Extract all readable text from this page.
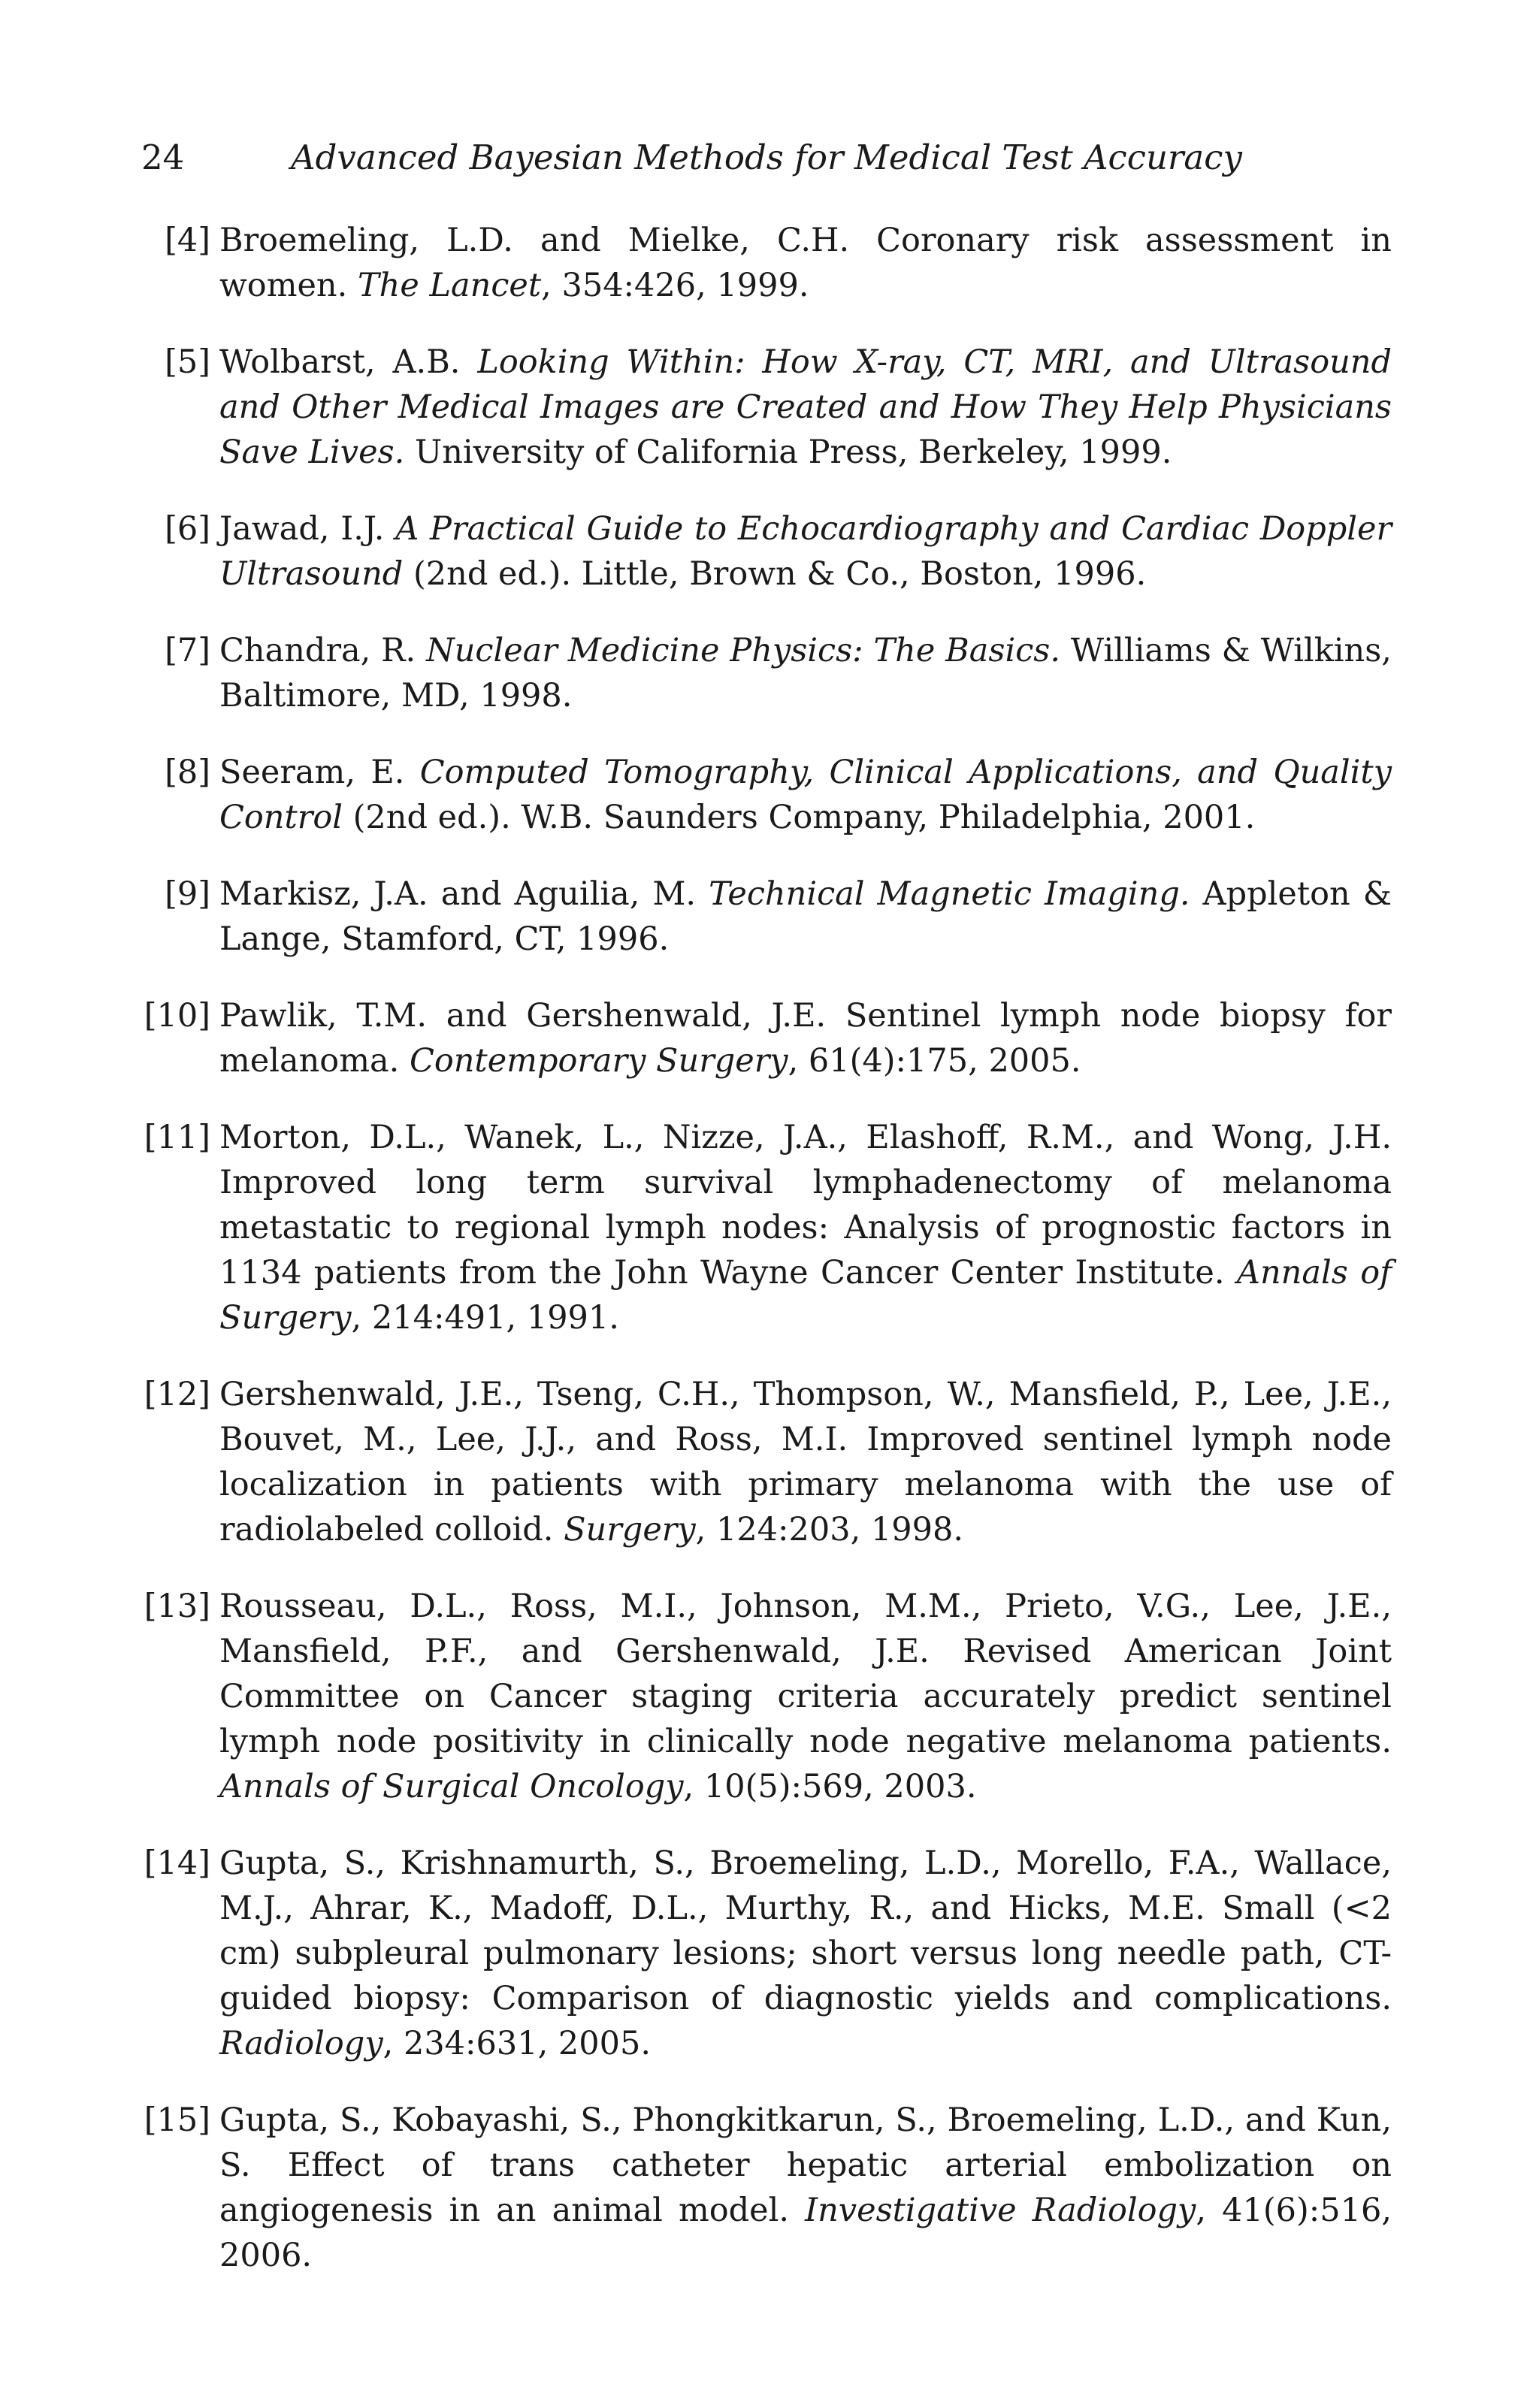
24	Advanced Bayesian Methods for Medical Test Accuracy
[4] Broemeling, L.D. and Mielke, C.H. Coronary risk assessment in women. The Lancet, 354:426, 1999.
[5] Wolbarst, A.B. Looking Within: How X-ray, CT, MRI, and Ultrasound and Other Medical Images are Created and How They Help Physicians Save Lives. University of California Press, Berkeley, 1999.
[6] Jawad, I.J. A Practical Guide to Echocardiography and Cardiac Doppler Ultrasound (2nd ed.). Little, Brown & Co., Boston, 1996.
[7] Chandra, R. Nuclear Medicine Physics: The Basics. Williams & Wilkins, Baltimore, MD, 1998.
[8] Seeram, E. Computed Tomography, Clinical Applications, and Quality Control (2nd ed.). W.B. Saunders Company, Philadelphia, 2001.
[9] Markisz, J.A. and Aguilia, M. Technical Magnetic Imaging. Appleton & Lange, Stamford, CT, 1996.
[10] Pawlik, T.M. and Gershenwald, J.E. Sentinel lymph node biopsy for melanoma. Contemporary Surgery, 61(4):175, 2005.
[11] Morton, D.L., Wanek, L., Nizze, J.A., Elashoff, R.M., and Wong, J.H. Improved long term survival lymphadenectomy of melanoma metastatic to regional lymph nodes: Analysis of prognostic factors in 1134 patients from the John Wayne Cancer Center Institute. Annals of Surgery, 214:491, 1991.
[12] Gershenwald, J.E., Tseng, C.H., Thompson, W., Mansfield, P., Lee, J.E., Bouvet, M., Lee, J.J., and Ross, M.I. Improved sentinel lymph node localization in patients with primary melanoma with the use of radiolabeled colloid. Surgery, 124:203, 1998.
[13] Rousseau, D.L., Ross, M.I., Johnson, M.M., Prieto, V.G., Lee, J.E., Mansfield, P.F., and Gershenwald, J.E. Revised American Joint Committee on Cancer staging criteria accurately predict sentinel lymph node positivity in clinically node negative melanoma patients. Annals of Surgical Oncology, 10(5):569, 2003.
[14] Gupta, S., Krishnamurth, S., Broemeling, L.D., Morello, F.A., Wallace, M.J., Ahrar, K., Madoff, D.L., Murthy, R., and Hicks, M.E. Small (<2 cm) subpleural pulmonary lesions; short versus long needle path, CT-guided biopsy: Comparison of diagnostic yields and complications. Radiology, 234:631, 2005.
[15] Gupta, S., Kobayashi, S., Phongkitkarun, S., Broemeling, L.D., and Kun, S. Effect of trans catheter hepatic arterial embolization on angiogenesis in an animal model. Investigative Radiology, 41(6):516, 2006.
